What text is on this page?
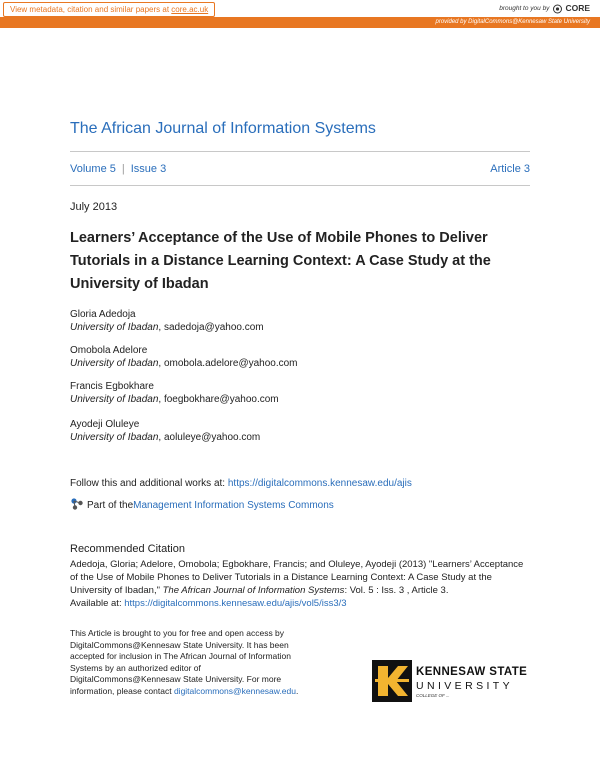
View metadata, citation and similar papers at core.ac.uk	brought to you by CORE
provided by DigitalCommons@Kennesaw State University
The African Journal of Information Systems
Volume 5 | Issue 3	Article 3
July 2013
Learners’ Acceptance of the Use of Mobile Phones to Deliver Tutorials in a Distance Learning Context: A Case Study at the University of Ibadan
Gloria Adedoja
University of Ibadan, sadedoja@yahoo.com
Omobola Adelore
University of Ibadan, omobola.adelore@yahoo.com
Francis Egbokhare
University of Ibadan, foegbokhare@yahoo.com
Ayodeji Oluleye
University of Ibadan, aoluleye@yahoo.com
Follow this and additional works at: https://digitalcommons.kennesaw.edu/ajis
Part of the Management Information Systems Commons
Recommended Citation
Adedoja, Gloria; Adelore, Omobola; Egbokhare, Francis; and Oluleye, Ayodeji (2013) "Learners’ Acceptance of the Use of Mobile Phones to Deliver Tutorials in a Distance Learning Context: A Case Study at the University of Ibadan," The African Journal of Information Systems: Vol. 5 : Iss. 3 , Article 3.
Available at: https://digitalcommons.kennesaw.edu/ajis/vol5/iss3/3
This Article is brought to you for free and open access by DigitalCommons@Kennesaw State University. It has been accepted for inclusion in The African Journal of Information Systems by an authorized editor of DigitalCommons@Kennesaw State University. For more information, please contact digitalcommons@kennesaw.edu.
KENNESAW STATE
UNIVERSITY
COLLEGE OF ...
